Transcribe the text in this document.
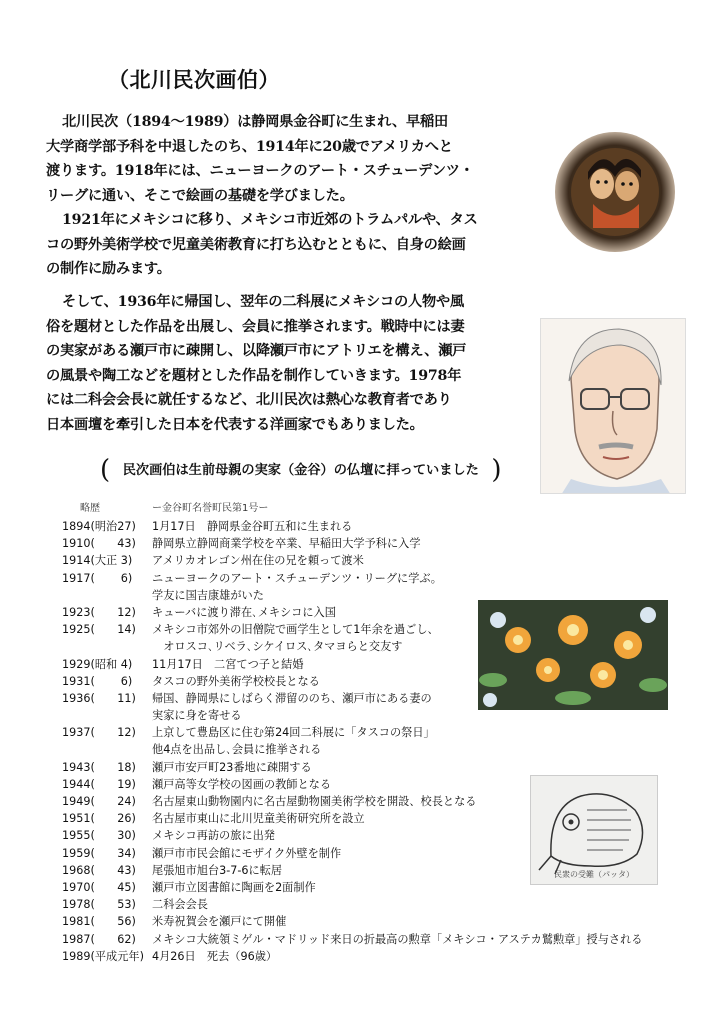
（北川民次画伯）
北川民次（1894～1989）は静岡県金谷町に生まれ、早稲田
大学商学部予科を中退したのち、1914年に20歳でアメリカへと
渡ります。1918年には、ニューヨークのアート・スチューデンツ・
リーグに通い、そこで絵画の基礎を学びました。
1921年にメキシコに移り、メキシコ市近郊のトラムパルや、タス
コの野外美術学校で児童美術教育に打ち込むとともに、自身の絵画
の制作に励みます。
そして、1936年に帰国し、翌年の二科展にメキシコの人物や風
俗を題材とした作品を出展し、会員に推挙されます。戦時中には妻
の実家がある瀬戸市に疎開し、以降瀬戸市にアトリエを構え、瀬戸
の風景や陶工などを題材とした作品を制作していきます。1978年
には二科会会長に就任するなど、北川民次は熱心な教育者であり
日本画壇を牽引した日本を代表する洋画家でもありました。
( 民次画伯は生前母親の実家（金谷）の仏壇に拝っていました )
略歴	ー金谷町名誉町民第1号ー
1894(明治27)	1月17日　静岡県金谷町五和に生まれる
1910(　　43)	静岡県立静岡商業学校を卒業、早稲田大学予科に入学
1914(大正 3)	アメリカオレゴン州在住の兄を頼って渡米
1917(　　 6)	ニューヨークのアート・スチューデンツ・リーグに学ぶ。
学友に国吉康雄がいた
1923(　　12)	キューバに渡り滞在､メキシコに入国
1925(　　14)	メキシコ市郊外の旧僧院で画学生として1年余を過ごし、
　オロスコ､リベラ､シケイロス､タマヨらと交友す
1929(昭和 4)	11月17日　二宮てつ子と結婚
1931(　　 6)	タスコの野外美術学校校長となる
1936(　　11)	帰国、静岡県にしばらく滞留ののち、瀬戸市にある妻の
実家に身を寄せる
1937(　　12)	上京して豊島区に住む第24回二科展に「タスコの祭日」
他4点を出品し､会員に推挙される
1943(　　18)	瀬戸市安戸町23番地に疎開する
1944(　　19)	瀬戸高等女学校の図画の教師となる
1949(　　24)	名古屋東山動物園内に名古屋動物園美術学校を開設、校長となる
1951(　　26)	名古屋市東山に北川児童美術研究所を設立
1955(　　30)	メキシコ再訪の旅に出発
1959(　　34)	瀬戸市市民会館にモザイク外壁を制作
1968(　　43)	尾張旭市旭台3-7-6に転居
1970(　　45)	瀬戸市立図書館に陶画を2面制作
1978(　　53)	二科会会長
1981(　　56)	米寿祝賀会を瀬戸にて開催
1987(　　62)	メキシコ大統領ミゲル・マドリッド来日の折最高の勲章「メキシコ・アステカ鷲勲章」授与される
1989(平成元年) 4月26日　死去（96歳）
民衆の受難（パッタ）
